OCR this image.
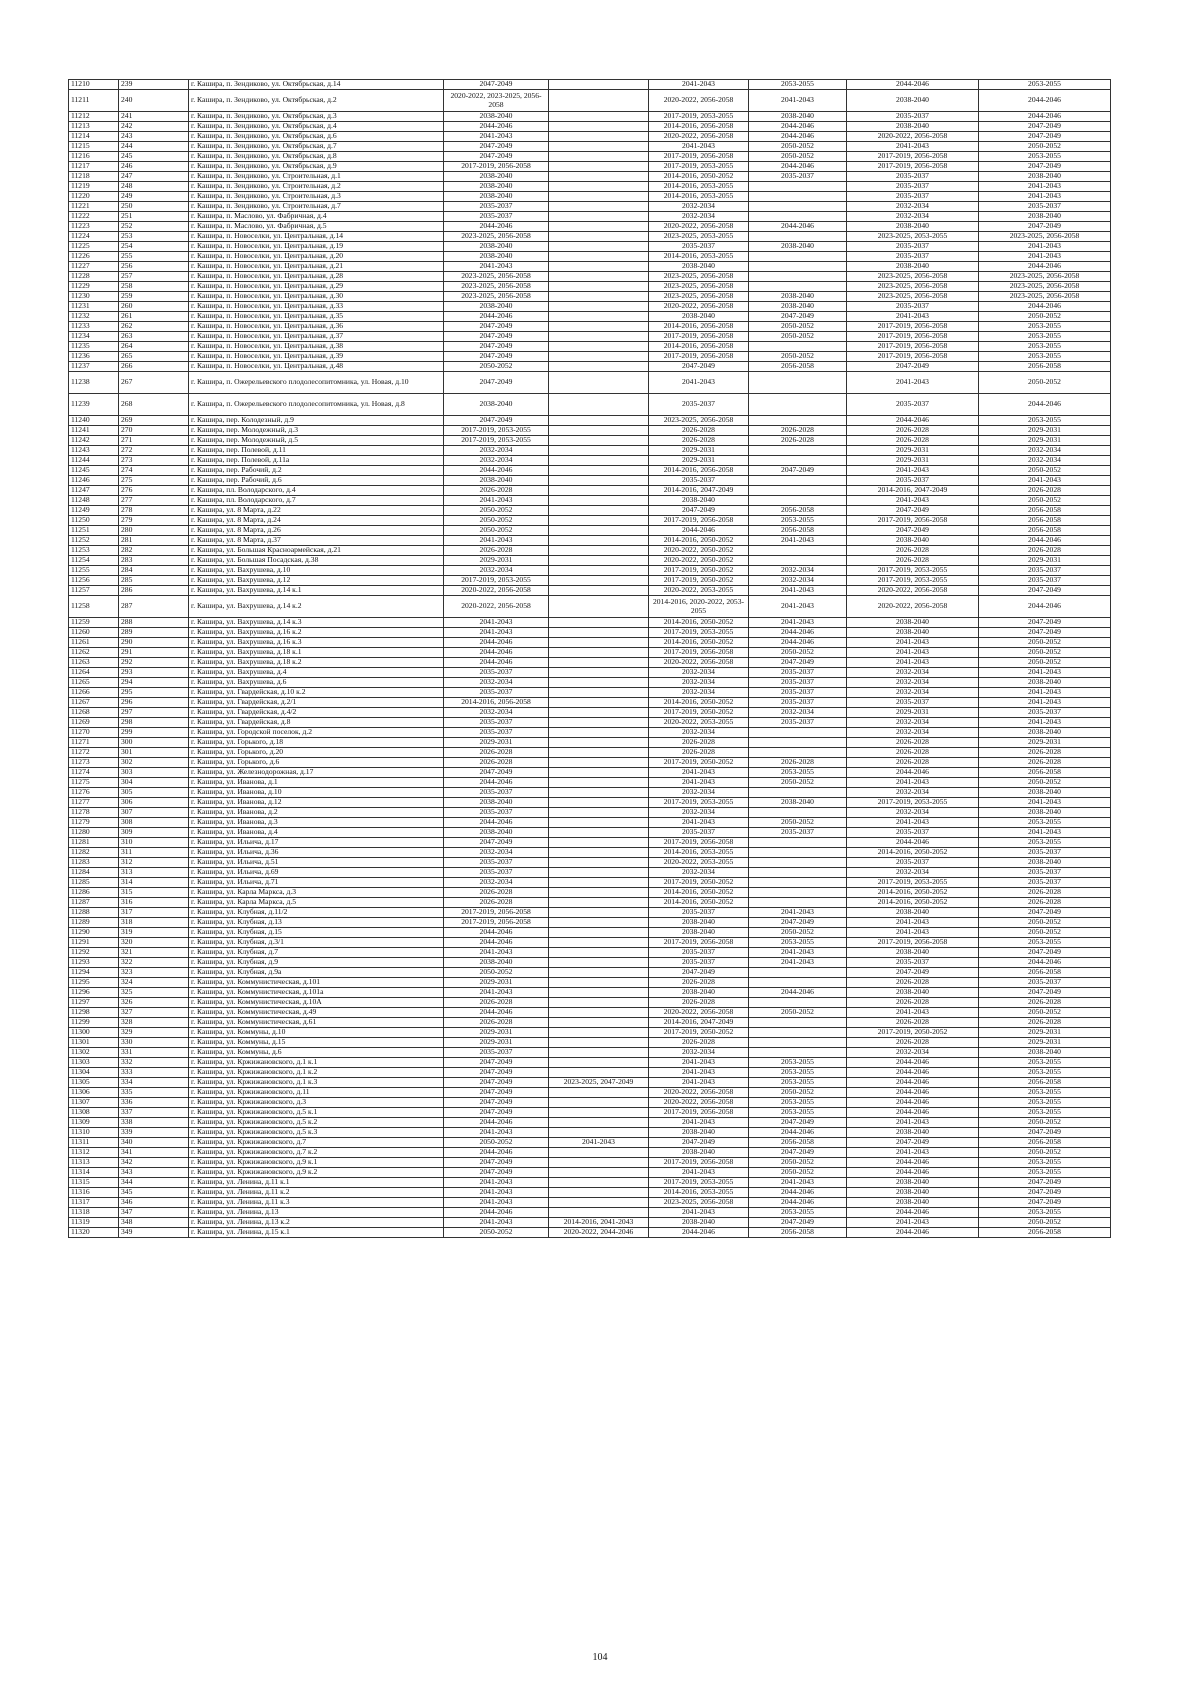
11210	239	г. Кашира, п. Зендиково, ул. Октябрьская, д.14	2047-2049		2041-2043	2053-2055	2044-2046	2053-2055
11211	240	г. Кашира, п. Зендиково, ул. Октябрьская, д.2	2020-2022, 2023-2025, 2056-2058		2020-2022, 2056-2058	2041-2043	2038-2040	2044-2046
11212	241	г. Кашира, п. Зендиково, ул. Октябрьская, д.3	2038-2040		2017-2019, 2053-2055	2038-2040	2035-2037	2044-2046
11213	242	г. Кашира, п. Зендиково, ул. Октябрьская, д.4	2044-2046		2014-2016, 2056-2058	2044-2046	2038-2040	2047-2049
11214	243	г. Кашира, п. Зендиково, ул. Октябрьская, д.6	2041-2043		2020-2022, 2056-2058	2044-2046	2020-2022, 2056-2058	2047-2049
11215	244	г. Кашира, п. Зендиково, ул. Октябрьская, д.7	2047-2049		2041-2043	2050-2052	2041-2043	2050-2052
11216	245	г. Кашира, п. Зендиково, ул. Октябрьская, д.8	2047-2049		2017-2019, 2056-2058	2050-2052	2017-2019, 2056-2058	2053-2055
11217	246	г. Кашира, п. Зендиково, ул. Октябрьская, д.9	2017-2019, 2056-2058		2017-2019, 2053-2055	2044-2046	2017-2019, 2056-2058	2047-2049
11218	247	г. Кашира, п. Зендиково, ул. Строительная, д.1	2038-2040		2014-2016, 2050-2052	2035-2037	2035-2037	2038-2040
11219	248	г. Кашира, п. Зендиково, ул. Строительная, д.2	2038-2040		2014-2016, 2053-2055		2035-2037	2041-2043
11220	249	г. Кашира, п. Зендиково, ул. Строительная, д.3	2038-2040		2014-2016, 2053-2055		2035-2037	2041-2043
11221	250	г. Кашира, п. Зендиково, ул. Строительная, д.7	2035-2037		2032-2034		2032-2034	2035-2037
11222	251	г. Кашира, п. Маслово, ул. Фабричная, д.4	2035-2037		2032-2034		2032-2034	2038-2040
11223	252	г. Кашира, п. Маслово, ул. Фабричная, д.5	2044-2046		2020-2022, 2056-2058	2044-2046	2038-2040	2047-2049
11224	253	г. Кашира, п. Новоселки, ул. Центральная, д.14	2023-2025, 2056-2058		2023-2025, 2053-2055		2023-2025, 2053-2055	2023-2025, 2056-2058
11225	254	г. Кашира, п. Новоселки, ул. Центральная, д.19	2038-2040		2035-2037	2038-2040	2035-2037	2041-2043
11226	255	г. Кашира, п. Новоселки, ул. Центральная, д.20	2038-2040		2014-2016, 2053-2055		2035-2037	2041-2043
11227	256	г. Кашира, п. Новоселки, ул. Центральная, д.21	2041-2043		2038-2040		2038-2040	2044-2046
11228	257	г. Кашира, п. Новоселки, ул. Центральная, д.28	2023-2025, 2056-2058		2023-2025, 2056-2058		2023-2025, 2056-2058	2023-2025, 2056-2058
11229	258	г. Кашира, п. Новоселки, ул. Центральная, д.29	2023-2025, 2056-2058		2023-2025, 2056-2058		2023-2025, 2056-2058	2023-2025, 2056-2058
11230	259	г. Кашира, п. Новоселки, ул. Центральная, д.30	2023-2025, 2056-2058		2023-2025, 2056-2058	2038-2040	2023-2025, 2056-2058	2023-2025, 2056-2058
11231	260	г. Кашира, п. Новоселки, ул. Центральная, д.33	2038-2040		2020-2022, 2056-2058	2038-2040	2035-2037	2044-2046
11232	261	г. Кашира, п. Новоселки, ул. Центральная, д.35	2044-2046		2038-2040	2047-2049	2041-2043	2050-2052
11233	262	г. Кашира, п. Новоселки, ул. Центральная, д.36	2047-2049		2014-2016, 2056-2058	2050-2052	2017-2019, 2056-2058	2053-2055
11234	263	г. Кашира, п. Новоселки, ул. Центральная, д.37	2047-2049		2017-2019, 2056-2058	2050-2052	2017-2019, 2056-2058	2053-2055
11235	264	г. Кашира, п. Новоселки, ул. Центральная, д.38	2047-2049		2014-2016, 2056-2058		2017-2019, 2056-2058	2053-2055
11236	265	г. Кашира, п. Новоселки, ул. Центральная, д.39	2047-2049		2017-2019, 2056-2058	2050-2052	2017-2019, 2056-2058	2053-2055
11237	266	г. Кашира, п. Новоселки, ул. Центральная, д.48	2050-2052		2047-2049	2056-2058	2047-2049	2056-2058
11238	267	г. Кашира, п. Ожерельевского плодолесопитомника, ул. Новая, д.10	2047-2049		2041-2043		2041-2043	2050-2052
11239	268	г. Кашира, п. Ожерельевского плодолесопитомника, ул. Новая, д.8	2038-2040		2035-2037		2035-2037	2044-2046
11240	269	г. Кашира, пер. Колодезный, д.9	2047-2049		2023-2025, 2056-2058		2044-2046	2053-2055
11241	270	г. Кашира, пер. Молодежный, д.3	2017-2019, 2053-2055		2026-2028	2026-2028	2026-2028	2029-2031
11242	271	г. Кашира, пер. Молодежный, д.5	2017-2019, 2053-2055		2026-2028	2026-2028	2026-2028	2029-2031
11243	272	г. Кашира, пер. Полевой, д.11	2032-2034		2029-2031		2029-2031	2032-2034
11244	273	г. Кашира, пер. Полевой, д.11а	2032-2034		2029-2031		2029-2031	2032-2034
11245	274	г. Кашира, пер. Рабочий, д.2	2044-2046		2014-2016, 2056-2058	2047-2049	2041-2043	2050-2052
11246	275	г. Кашира, пер. Рабочий, д.6	2038-2040		2035-2037		2035-2037	2041-2043
11247	276	г. Кашира, пл. Володарского, д.4	2026-2028		2014-2016, 2047-2049		2014-2016, 2047-2049	2026-2028
11248	277	г. Кашира, пл. Володарского, д.7	2041-2043		2038-2040		2041-2043	2050-2052
11249	278	г. Кашира, ул. 8 Марта, д.22	2050-2052		2047-2049	2056-2058	2047-2049	2056-2058
11250	279	г. Кашира, ул. 8 Марта, д.24	2050-2052		2017-2019, 2056-2058	2053-2055	2017-2019, 2056-2058	2056-2058
11251	280	г. Кашира, ул. 8 Марта, д.26	2050-2052		2044-2046	2056-2058	2047-2049	2056-2058
11252	281	г. Кашира, ул. 8 Марта, д.37	2041-2043		2014-2016, 2050-2052	2041-2043	2038-2040	2044-2046
11253	282	г. Кашира, ул. Большая Красноармейская, д.21	2026-2028		2020-2022, 2050-2052		2026-2028	2026-2028
11254	283	г. Кашира, ул. Большая Посадская, д.38	2029-2031		2020-2022, 2050-2052		2026-2028	2029-2031
11255	284	г. Кашира, ул. Вахрушева, д.10	2032-2034		2017-2019, 2050-2052	2032-2034	2017-2019, 2053-2055	2035-2037
11256	285	г. Кашира, ул. Вахрушева, д.12	2017-2019, 2053-2055		2017-2019, 2050-2052	2032-2034	2017-2019, 2053-2055	2035-2037
11257	286	г. Кашира, ул. Вахрушева, д.14 к.1	2020-2022, 2056-2058		2020-2022, 2053-2055	2041-2043	2020-2022, 2056-2058	2047-2049
11258	287	г. Кашира, ул. Вахрушева, д.14 к.2	2020-2022, 2056-2058		2014-2016, 2020-2022, 2053-2055	2041-2043	2020-2022, 2056-2058	2044-2046
11259	288	г. Кашира, ул. Вахрушева, д.14 к.3	2041-2043		2014-2016, 2050-2052	2041-2043	2038-2040	2047-2049
11260	289	г. Кашира, ул. Вахрушева, д.16 к.2	2041-2043		2017-2019, 2053-2055	2044-2046	2038-2040	2047-2049
11261	290	г. Кашира, ул. Вахрушева, д.16 к.3	2044-2046		2014-2016, 2050-2052	2044-2046	2041-2043	2050-2052
11262	291	г. Кашира, ул. Вахрушева, д.18 к.1	2044-2046		2017-2019, 2056-2058	2050-2052	2041-2043	2050-2052
11263	292	г. Кашира, ул. Вахрушева, д.18 к.2	2044-2046		2020-2022, 2056-2058	2047-2049	2041-2043	2050-2052
11264	293	г. Кашира, ул. Вахрушева, д.4	2035-2037		2032-2034	2035-2037	2032-2034	2041-2043
11265	294	г. Кашира, ул. Вахрушева, д.6	2032-2034		2032-2034	2035-2037	2032-2034	2038-2040
11266	295	г. Кашира, ул. Гвардейская, д.10 к.2	2035-2037		2032-2034	2035-2037	2032-2034	2041-2043
11267	296	г. Кашира, ул. Гвардейская, д.2/1	2014-2016, 2056-2058		2014-2016, 2050-2052	2035-2037	2035-2037	2041-2043
11268	297	г. Кашира, ул. Гвардейская, д.4/2	2032-2034		2017-2019, 2050-2052	2032-2034	2029-2031	2035-2037
11269	298	г. Кашира, ул. Гвардейская, д.8	2035-2037		2020-2022, 2053-2055	2035-2037	2032-2034	2041-2043
11270	299	г. Кашира, ул. Городской поселок, д.2	2035-2037		2032-2034		2032-2034	2038-2040
11271	300	г. Кашира, ул. Горького, д.18	2029-2031		2026-2028		2026-2028	2029-2031
11272	301	г. Кашира, ул. Горького, д.20	2026-2028		2026-2028		2026-2028	2026-2028
11273	302	г. Кашира, ул. Горького, д.6	2026-2028		2017-2019, 2050-2052	2026-2028	2026-2028	2026-2028
11274	303	г. Кашира, ул. Железнодорожная, д.17	2047-2049		2041-2043	2053-2055	2044-2046	2056-2058
11275	304	г. Кашира, ул. Иванова, д.1	2044-2046		2041-2043	2050-2052	2041-2043	2050-2052
11276	305	г. Кашира, ул. Иванова, д.10	2035-2037		2032-2034		2032-2034	2038-2040
11277	306	г. Кашира, ул. Иванова, д.12	2038-2040		2017-2019, 2053-2055	2038-2040	2017-2019, 2053-2055	2041-2043
11278	307	г. Кашира, ул. Иванова, д.2	2035-2037		2032-2034		2032-2034	2038-2040
11279	308	г. Кашира, ул. Иванова, д.3	2044-2046		2041-2043	2050-2052	2041-2043	2053-2055
11280	309	г. Кашира, ул. Иванова, д.4	2038-2040		2035-2037	2035-2037	2035-2037	2041-2043
11281	310	г. Кашира, ул. Ильича, д.17	2047-2049		2017-2019, 2056-2058		2044-2046	2053-2055
11282	311	г. Кашира, ул. Ильича, д.36	2032-2034		2014-2016, 2053-2055		2014-2016, 2050-2052	2035-2037
11283	312	г. Кашира, ул. Ильича, д.51	2035-2037		2020-2022, 2053-2055		2035-2037	2038-2040
11284	313	г. Кашира, ул. Ильича, д.69	2035-2037		2032-2034		2032-2034	2035-2037
11285	314	г. Кашира, ул. Ильича, д.71	2032-2034		2017-2019, 2050-2052		2017-2019, 2053-2055	2035-2037
11286	315	г. Кашира, ул. Карла Маркса, д.3	2026-2028		2014-2016, 2050-2052		2014-2016, 2050-2052	2026-2028
11287	316	г. Кашира, ул. Карла Маркса, д.5	2026-2028		2014-2016, 2050-2052		2014-2016, 2050-2052	2026-2028
11288	317	г. Кашира, ул. Клубная, д.11/2	2017-2019, 2056-2058		2035-2037	2041-2043	2038-2040	2047-2049
11289	318	г. Кашира, ул. Клубная, д.13	2017-2019, 2056-2058		2038-2040	2047-2049	2041-2043	2050-2052
11290	319	г. Кашира, ул. Клубная, д.15	2044-2046		2038-2040	2050-2052	2041-2043	2050-2052
11291	320	г. Кашира, ул. Клубная, д.3/1	2044-2046		2017-2019, 2056-2058	2053-2055	2017-2019, 2056-2058	2053-2055
11292	321	г. Кашира, ул. Клубная, д.7	2041-2043		2035-2037	2041-2043	2038-2040	2047-2049
11293	322	г. Кашира, ул. Клубная, д.9	2038-2040		2035-2037	2041-2043	2035-2037	2044-2046
11294	323	г. Кашира, ул. Клубная, д.9а	2050-2052		2047-2049		2047-2049	2056-2058
11295	324	г. Кашира, ул. Коммунистическая, д.101	2029-2031		2026-2028		2026-2028	2035-2037
11296	325	г. Кашира, ул. Коммунистическая, д.101а	2041-2043		2038-2040	2044-2046	2038-2040	2047-2049
11297	326	г. Кашира, ул. Коммунистическая, д.10А	2026-2028		2026-2028		2026-2028	2026-2028
11298	327	г. Кашира, ул. Коммунистическая, д.49	2044-2046		2020-2022, 2056-2058	2050-2052	2041-2043	2050-2052
11299	328	г. Кашира, ул. Коммунистическая, д.61	2026-2028		2014-2016, 2047-2049		2026-2028	2026-2028
11300	329	г. Кашира, ул. Коммуны, д.10	2029-2031		2017-2019, 2050-2052		2017-2019, 2050-2052	2029-2031
11301	330	г. Кашира, ул. Коммуны, д.15	2029-2031		2026-2028		2026-2028	2029-2031
11302	331	г. Кашира, ул. Коммуны, д.6	2035-2037		2032-2034		2032-2034	2038-2040
11303	332	г. Кашира, ул. Кржижановского, д.1 к.1	2047-2049		2041-2043	2053-2055	2044-2046	2053-2055
11304	333	г. Кашира, ул. Кржижановского, д.1 к.2	2047-2049		2041-2043	2053-2055	2044-2046	2053-2055
11305	334	г. Кашира, ул. Кржижановского, д.1 к.3	2047-2049	2023-2025, 2047-2049	2041-2043	2053-2055	2044-2046	2056-2058
11306	335	г. Кашира, ул. Кржижановского, д.11	2047-2049		2020-2022, 2056-2058	2050-2052	2044-2046	2053-2055
11307	336	г. Кашира, ул. Кржижановского, д.3	2047-2049		2020-2022, 2056-2058	2053-2055	2044-2046	2053-2055
11308	337	г. Кашира, ул. Кржижановского, д.5 к.1	2047-2049		2017-2019, 2056-2058	2053-2055	2044-2046	2053-2055
11309	338	г. Кашира, ул. Кржижановского, д.5 к.2	2044-2046		2041-2043	2047-2049	2041-2043	2050-2052
11310	339	г. Кашира, ул. Кржижановского, д.5 к.3	2041-2043		2038-2040	2044-2046	2038-2040	2047-2049
11311	340	г. Кашира, ул. Кржижановского, д.7	2050-2052	2041-2043	2047-2049	2056-2058	2047-2049	2056-2058
11312	341	г. Кашира, ул. Кржижановского, д.7 к.2	2044-2046		2038-2040	2047-2049	2041-2043	2050-2052
11313	342	г. Кашира, ул. Кржижановского, д.9 к.1	2047-2049		2017-2019, 2056-2058	2050-2052	2044-2046	2053-2055
11314	343	г. Кашира, ул. Кржижановского, д.9 к.2	2047-2049		2041-2043	2050-2052	2044-2046	2053-2055
11315	344	г. Кашира, ул. Ленина, д.11 к.1	2041-2043		2017-2019, 2053-2055	2041-2043	2038-2040	2047-2049
11316	345	г. Кашира, ул. Ленина, д.11 к.2	2041-2043		2014-2016, 2053-2055	2044-2046	2038-2040	2047-2049
11317	346	г. Кашира, ул. Ленина, д.11 к.3	2041-2043		2023-2025, 2056-2058	2044-2046	2038-2040	2047-2049
11318	347	г. Кашира, ул. Ленина, д.13	2044-2046		2041-2043	2053-2055	2044-2046	2053-2055
11319	348	г. Кашира, ул. Ленина, д.13 к.2	2041-2043	2014-2016, 2041-2043	2038-2040	2047-2049	2041-2043	2050-2052
11320	349	г. Кашира, ул. Ленина, д.15 к.1	2050-2052	2020-2022, 2044-2046	2044-2046	2056-2058	2044-2046	2056-2058
104
